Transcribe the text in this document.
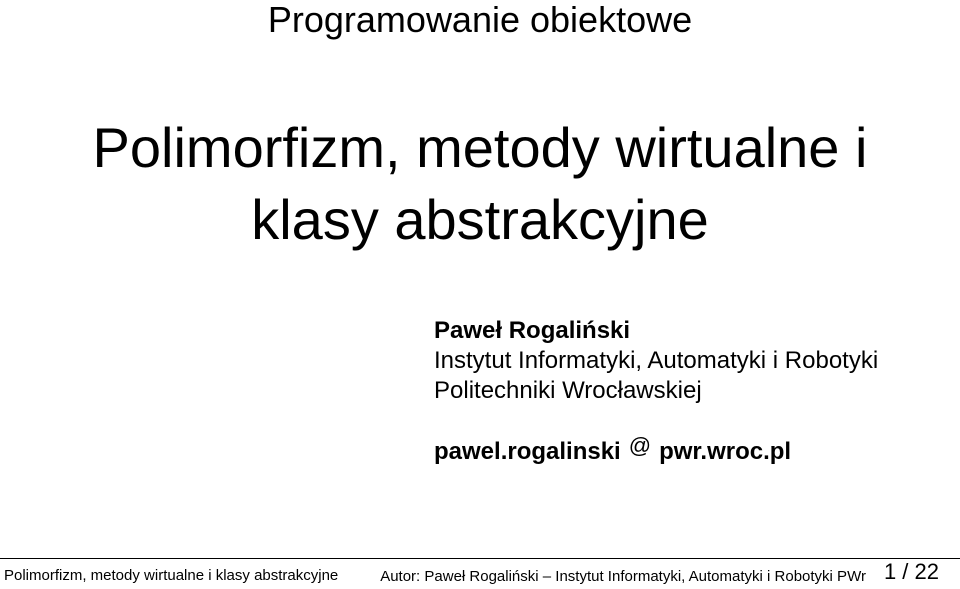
Programowanie obiektowe
Polimorfizm, metody wirtualne i
klasy abstrakcyjne
Paweł Rogaliński
Instytut Informatyki, Automatyki i Robotyki
Politechniki Wrocławskiej
pawel.rogalinski @ pwr.wroc.pl
Polimorfizm, metody wirtualne i klasy abstrakcyjne	Autor: Paweł Rogaliński – Instytut Informatyki, Automatyki i Robotyki PWr 1 / 22
